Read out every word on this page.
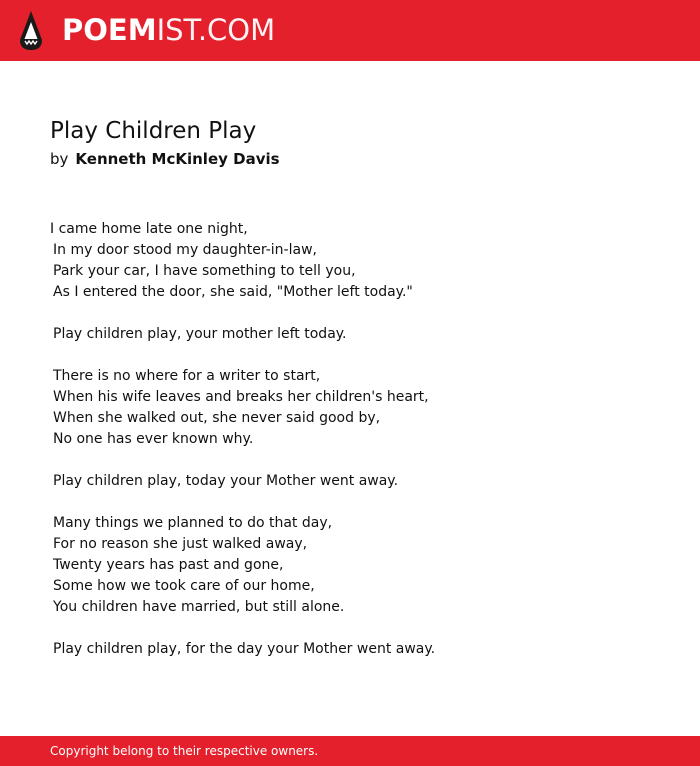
POEMIST.COM
Play Children Play
by Kenneth McKinley Davis
I came home late one night,
In my door stood my daughter-in-law,
Park your car, I have something to tell you,
As I entered the door, she said, "Mother left today."
Play children play, your mother left today.
There is no where for a writer to start,
When his wife leaves and breaks her children's heart,
When she walked out, she never said good by,
No one has ever known why.
Play children play, today your Mother went away.
Many things we planned to do that day,
For no reason she just walked away,
Twenty years has past and gone,
Some how we took care of our home,
You children have married, but still alone.
Play children play, for the day your Mother went away.
Copyright belong to their respective owners.
